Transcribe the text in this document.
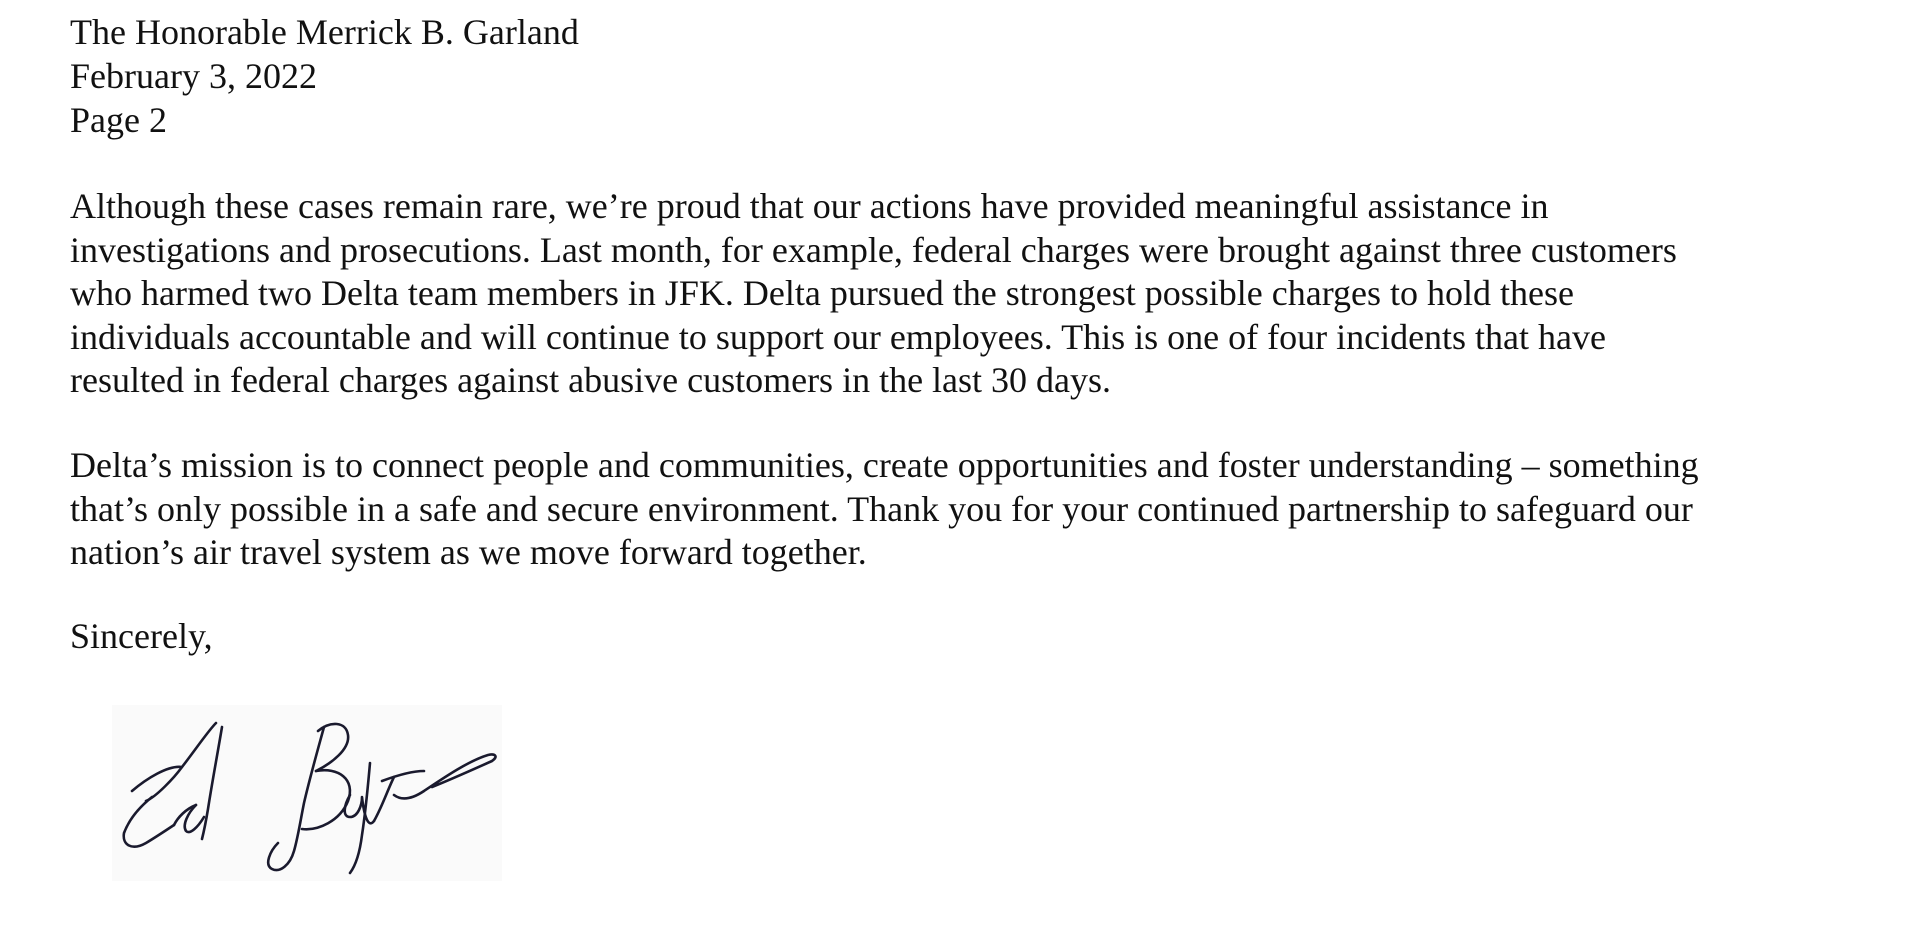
The Honorable Merrick B. Garland
February 3, 2022
Page 2
Although these cases remain rare, we’re proud that our actions have provided meaningful assistance in
investigations and prosecutions. Last month, for example, federal charges were brought against three customers
who harmed two Delta team members in JFK. Delta pursued the strongest possible charges to hold these
individuals accountable and will continue to support our employees. This is one of four incidents that have
resulted in federal charges against abusive customers in the last 30 days.
Delta’s mission is to connect people and communities, create opportunities and foster understanding – something
that’s only possible in a safe and secure environment. Thank you for your continued partnership to safeguard our
nation’s air travel system as we move forward together.
Sincerely,
